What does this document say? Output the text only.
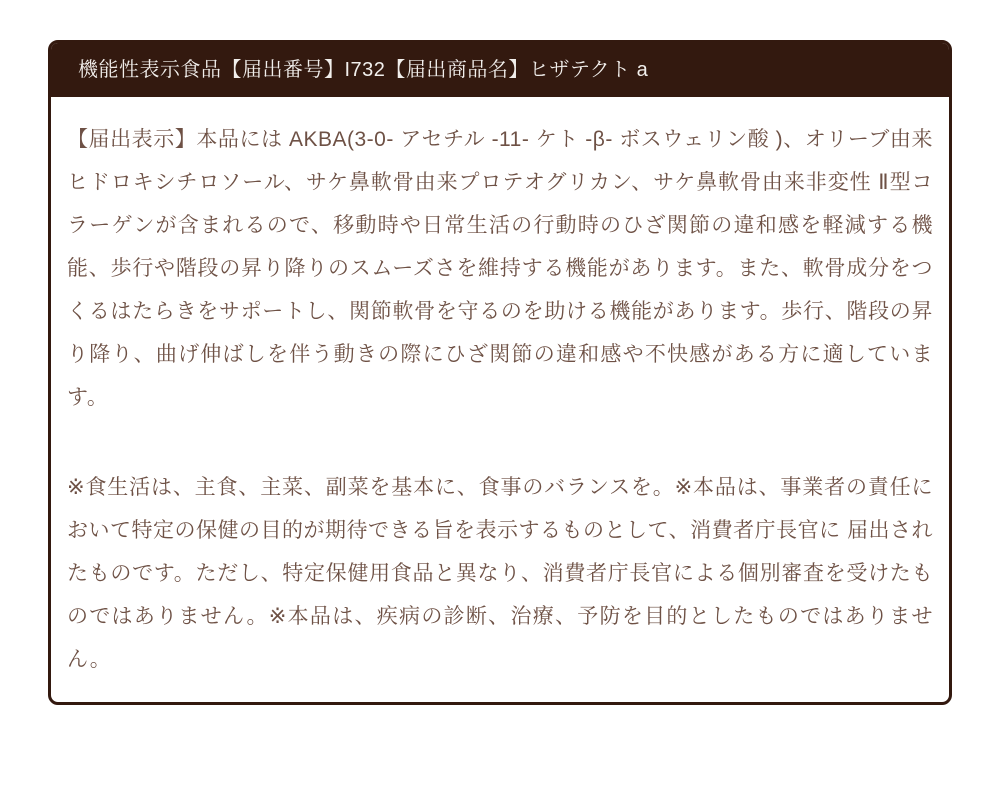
機能性表示食品【届出番号】I732【届出商品名】ヒザテクト a

【届出表示】本品には AKBA(3-0- アセチル -11- ケト -β- ボスウェリン酸 )、オリーブ由来ヒドロキシチロソール、サケ鼻軟骨由来プロテオグリカン、サケ鼻軟骨由来非変性 Ⅱ型コラーゲンが含まれるので、移動時や日常生活の行動時のひざ関節の違和感を軽減する機能、歩行や階段の昇り降りのスムーズさを維持する機能があります。また、軟骨成分をつくるはたらきをサポートし、関節軟骨を守るのを助ける機能があります。歩行、階段の昇り降り、曲げ伸ばしを伴う動きの際にひざ関節の違和感や不快感がある方に適しています。

※食生活は、主食、主菜、副菜を基本に、食事のバランスを。※本品は、事業者の責任において特定の保健の目的が期待できる旨を表示するものとして、消費者庁長官に 届出されたものです。ただし、特定保健用食品と異なり、消費者庁長官による個別審査を受けたものではありません。※本品は、疾病の診断、治療、予防を目的としたものではありません。
